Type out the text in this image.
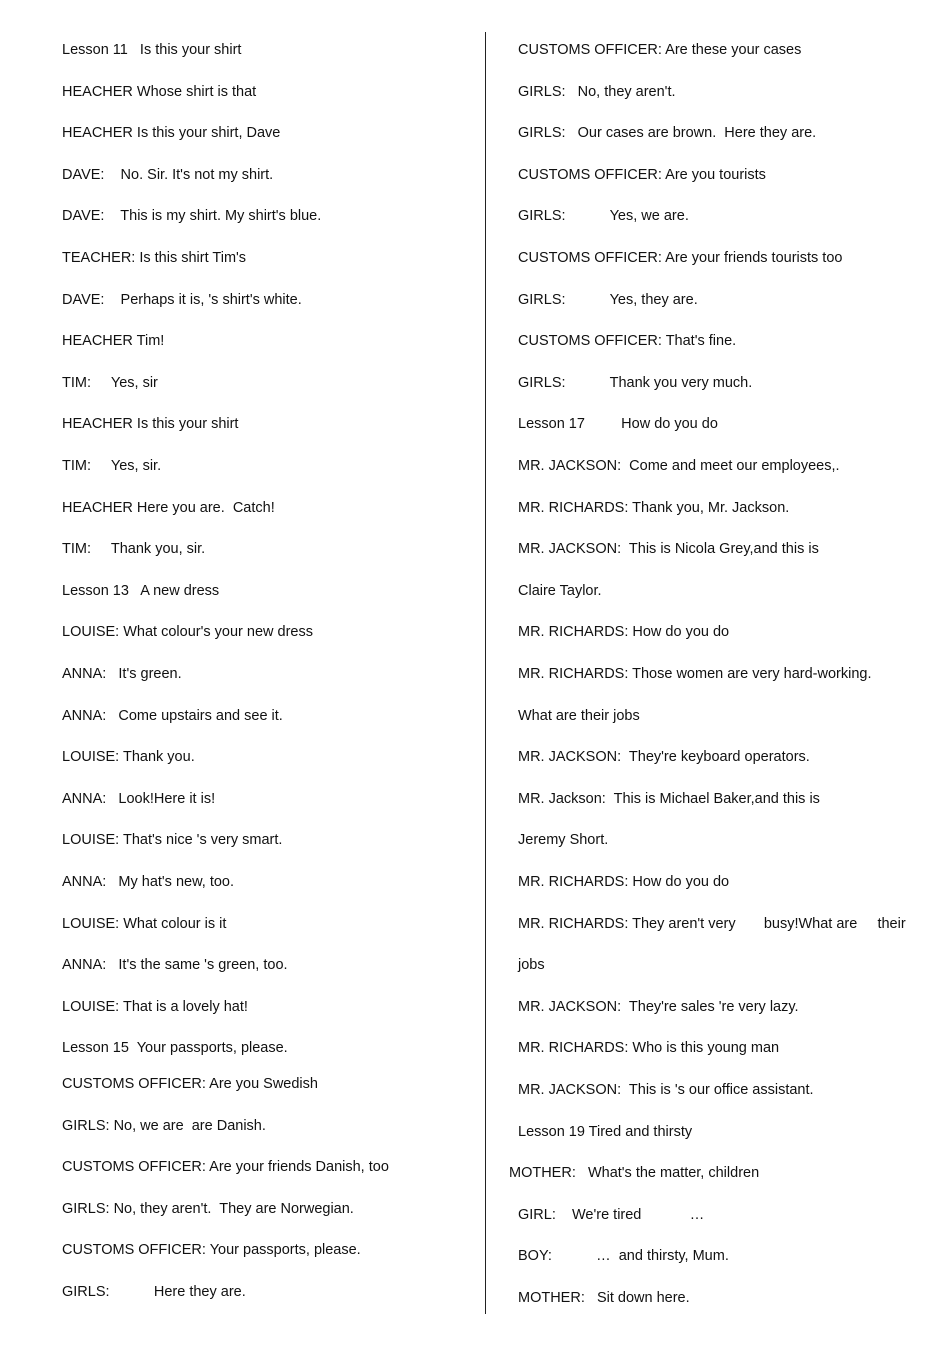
Lesson 11   Is this your shirt
HEACHER Whose shirt is that
HEACHER Is this your shirt, Dave
DAVE:    No. Sir. It's not my shirt.
DAVE:    This is my shirt. My shirt's blue.
TEACHER: Is this shirt Tim's
DAVE:    Perhaps it is, 's shirt's white.
HEACHER Tim!
TIM:     Yes, sir
HEACHER Is this your shirt
TIM:     Yes, sir.
HEACHER Here you are.  Catch!
TIM:     Thank you, sir.
Lesson 13   A new dress
LOUISE: What colour's your new dress
ANNA:   It's green.
ANNA:   Come upstairs and see it.
LOUISE: Thank you.
ANNA:   Look!Here it is!
LOUISE: That's nice 's very smart.
ANNA:   My hat's new, too.
LOUISE: What colour is it
ANNA:   It's the same 's green, too.
LOUISE: That is a lovely hat!
Lesson 15  Your passports, please.
CUSTOMS OFFICER: Are you Swedish
GIRLS: No, we are  are Danish.
CUSTOMS OFFICER: Are your friends Danish, too
GIRLS: No, they aren't.  They are Norwegian.
CUSTOMS OFFICER: Your passports, please.
GIRLS:           Here they are.
CUSTOMS OFFICER: Are these your cases
GIRLS:   No, they aren't.
GIRLS:   Our cases are brown.  Here they are.
CUSTOMS OFFICER: Are you tourists
GIRLS:           Yes, we are.
CUSTOMS OFFICER: Are your friends tourists too
GIRLS:           Yes, they are.
CUSTOMS OFFICER: That's fine.
GIRLS:           Thank you very much.
Lesson 17         How do you do
MR. JACKSON:  Come and meet our employees,.
MR. RICHARDS: Thank you, Mr. Jackson.
MR. JACKSON:  This is Nicola Grey,and this is
Claire Taylor.
MR. RICHARDS: How do you do
MR. RICHARDS: Those women are very hard-working.
What are their jobs
MR. JACKSON:  They're keyboard operators.
MR. Jackson:  This is Michael Baker,and this is
Jeremy Short.
MR. RICHARDS: How do you do
MR. RICHARDS: They aren't very       busy!What are     their
jobs
MR. JACKSON:  They're sales 're very lazy.
MR. RICHARDS: Who is this young man
MR. JACKSON:  This is 's our office assistant.
Lesson 19 Tired and thirsty
MOTHER:   What's the matter, children
GIRL:    We're tired            …
BOY:           …  and thirsty, Mum.
MOTHER:   Sit down here.
